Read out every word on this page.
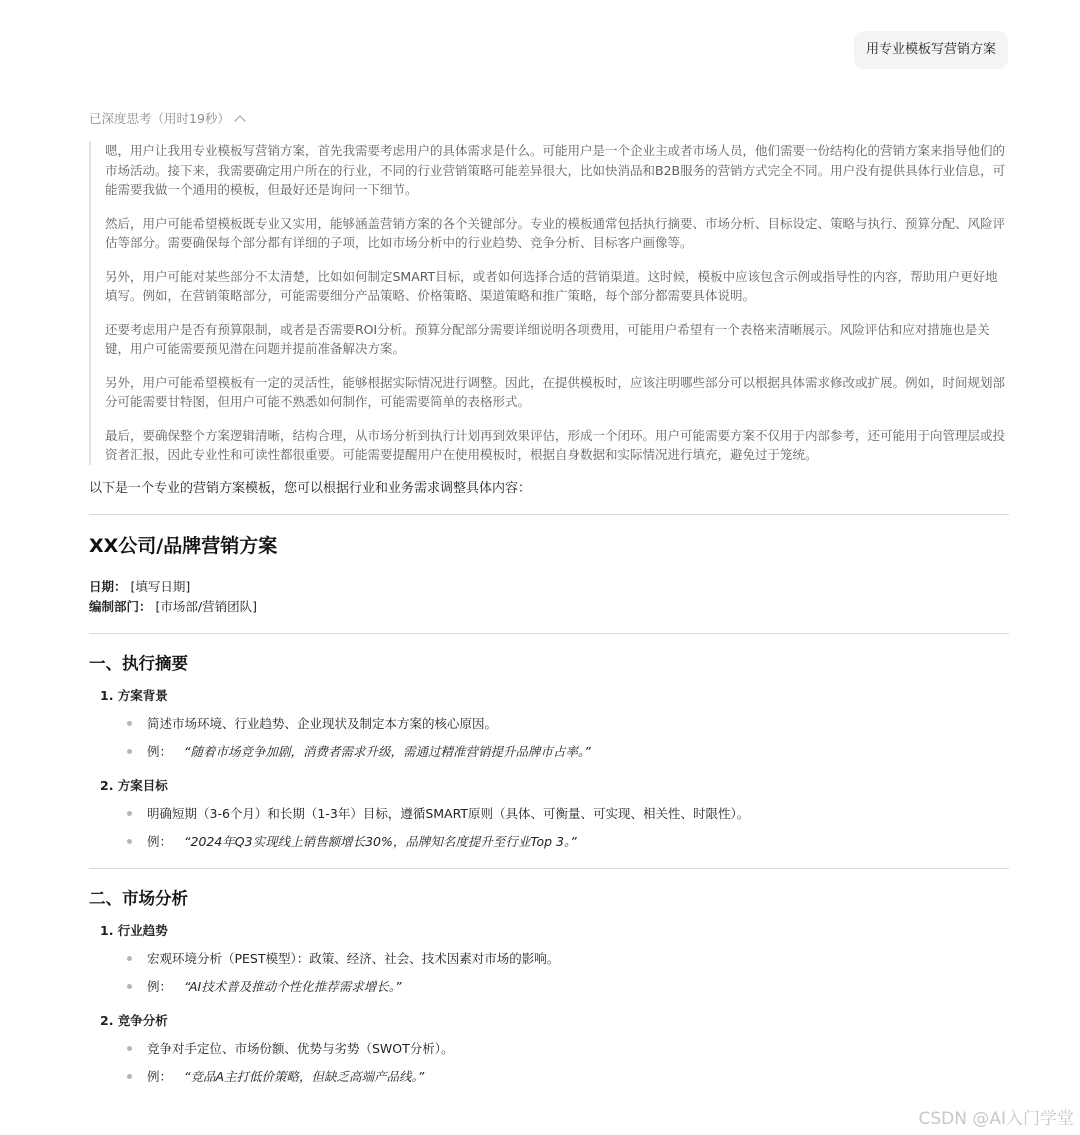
用专业模板写营销方案
已深度思考（用时19秒）

嗯，用户让我用专业模板写营销方案，首先我需要考虑用户的具体需求是什么。可能用户是一个企业主或者市场人员，他们需要一份结构化的营销方案来指导他们的市场活动。接下来，我需要确定用户所在的行业，不同的行业营销策略可能差异很大，比如快消品和B2B服务的营销方式完全不同。用户没有提供具体行业信息，可能需要我做一个通用的模板，但最好还是询问一下细节。

然后，用户可能希望模板既专业又实用，能够涵盖营销方案的各个关键部分。专业的模板通常包括执行摘要、市场分析、目标设定、策略与执行、预算分配、风险评估等部分。需要确保每个部分都有详细的子项，比如市场分析中的行业趋势、竞争分析、目标客户画像等。

另外，用户可能对某些部分不太清楚，比如如何制定SMART目标，或者如何选择合适的营销渠道。这时候，模板中应该包含示例或指导性的内容，帮助用户更好地填写。例如，在营销策略部分，可能需要细分产品策略、价格策略、渠道策略和推广策略，每个部分都需要具体说明。

还要考虑用户是否有预算限制，或者是否需要ROI分析。预算分配部分需要详细说明各项费用，可能用户希望有一个表格来清晰展示。风险评估和应对措施也是关键，用户可能需要预见潜在问题并提前准备解决方案。

另外，用户可能希望模板有一定的灵活性，能够根据实际情况进行调整。因此，在提供模板时，应该注明哪些部分可以根据具体需求修改或扩展。例如，时间规划部分可能需要甘特图，但用户可能不熟悉如何制作，可能需要简单的表格形式。

最后，要确保整个方案逻辑清晰，结构合理，从市场分析到执行计划再到效果评估，形成一个闭环。用户可能需要方案不仅用于内部参考，还可能用于向管理层或投资者汇报，因此专业性和可读性都很重要。可能需要提醒用户在使用模板时，根据自身数据和实际情况进行填充，避免过于笼统。

以下是一个专业的营销方案模板，您可以根据行业和业务需求调整具体内容：
XX公司/品牌营销方案
日期： [填写日期]
编制部门： [市场部/营销团队]
一、执行摘要
1. 方案背景
简述市场环境、行业趋势、企业现状及制定本方案的核心原因。
例： “随着市场竞争加剧，消费者需求升级，需通过精准营销提升品牌市占率。”
2. 方案目标
明确短期（3-6个月）和长期（1-3年）目标，遵循SMART原则（具体、可衡量、可实现、相关性、时限性）。
例： “2024年Q3实现线上销售额增长30%，品牌知名度提升至行业Top 3。”
二、市场分析
1. 行业趋势
宏观环境分析（PEST模型）：政策、经济、社会、技术因素对市场的影响。
例： “AI技术普及推动个性化推荐需求增长。”
2. 竞争分析
竞争对手定位、市场份额、优势与劣势（SWOT分析）。
例： “竞品A主打低价策略，但缺乏高端产品线。”
CSDN @AI入门学堂
